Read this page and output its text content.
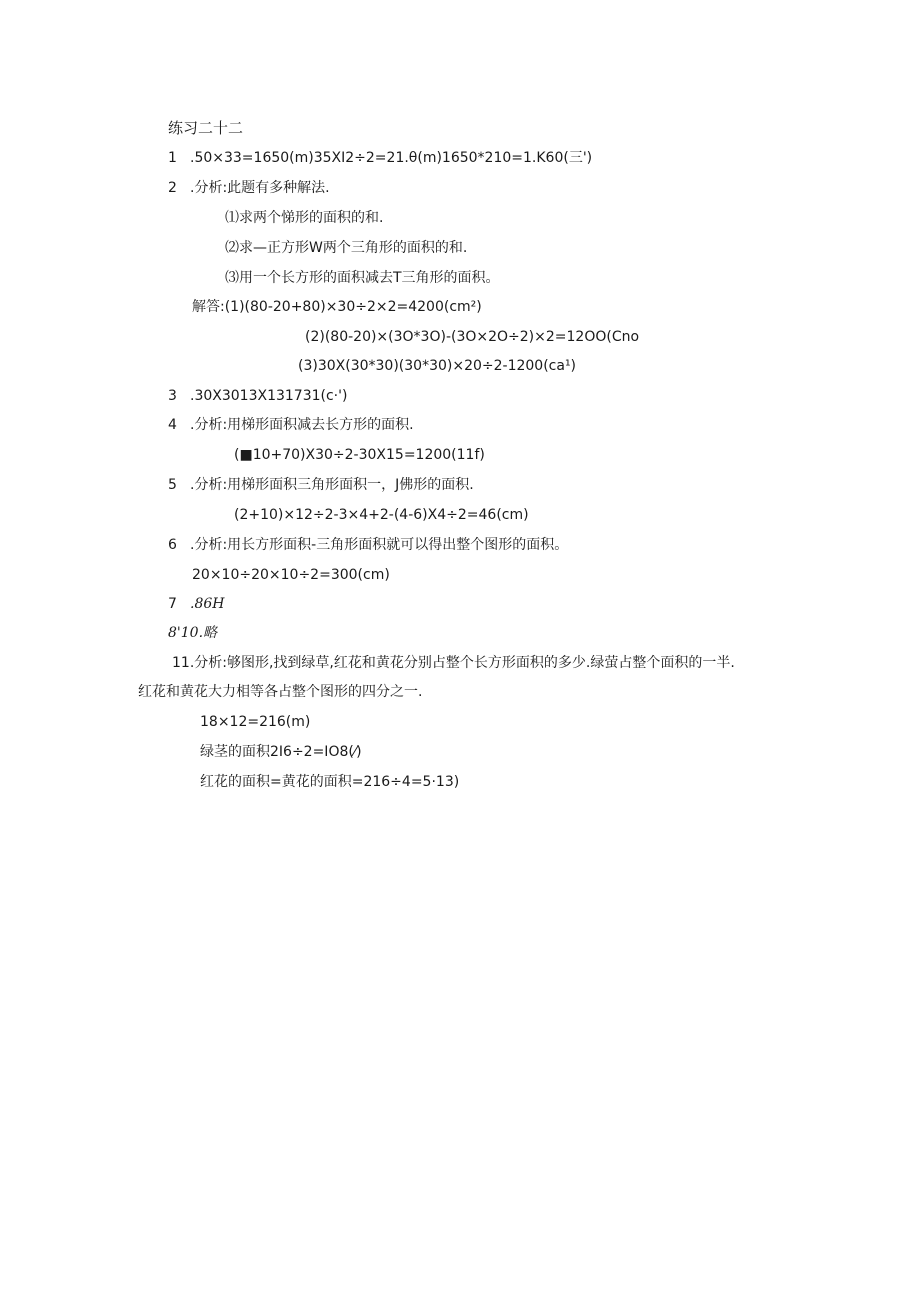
练习二十二
1 .50×33=1650(m)35XI2÷2=21.θ(m)1650*210=1.K60(三')
2 .分析:此题有多种解法.
⑴求两个悌形的面积的和.
⑵求—正方形W两个三角形的面积的和.
⑶用一个长方形的面积减去T三角形的面积。
解答:(1)(80-20+80)×30÷2×2=4200(cm²)
(2)(80-20)×(3O*3O)-(3O×2O÷2)×2=12OO(Cno
(3)30X(30*30)(30*30)×20÷2-1200(ca¹)
3 .30X3013X131731(c·')
4 .分析:用梯形面积减去长方形的面积.
(■10+70)X30÷2-30X15=1200(11f)
5 .分析:用梯形面积三角形面积一，J佛形的面积.
(2+10)×12÷2-3×4+2-(4-6)X4÷2=46(cm)
6 .分析:用长方形面积-三角形面积就可以得出整个图形的面积。
20×10÷20×10÷2=300(cm)
7 .86H
8'10.略
11.分析:够图形,找到绿草,红花和黄花分别占整个长方形面积的多少.绿萤占整个面积的一半.
红花和黄花大力相等各占整个图形的四分之一.
18×12=216(m)
绿茎的面积2I6÷2=IO8(⁄)
红花的面积=黄花的面积=216÷4=5·13)
